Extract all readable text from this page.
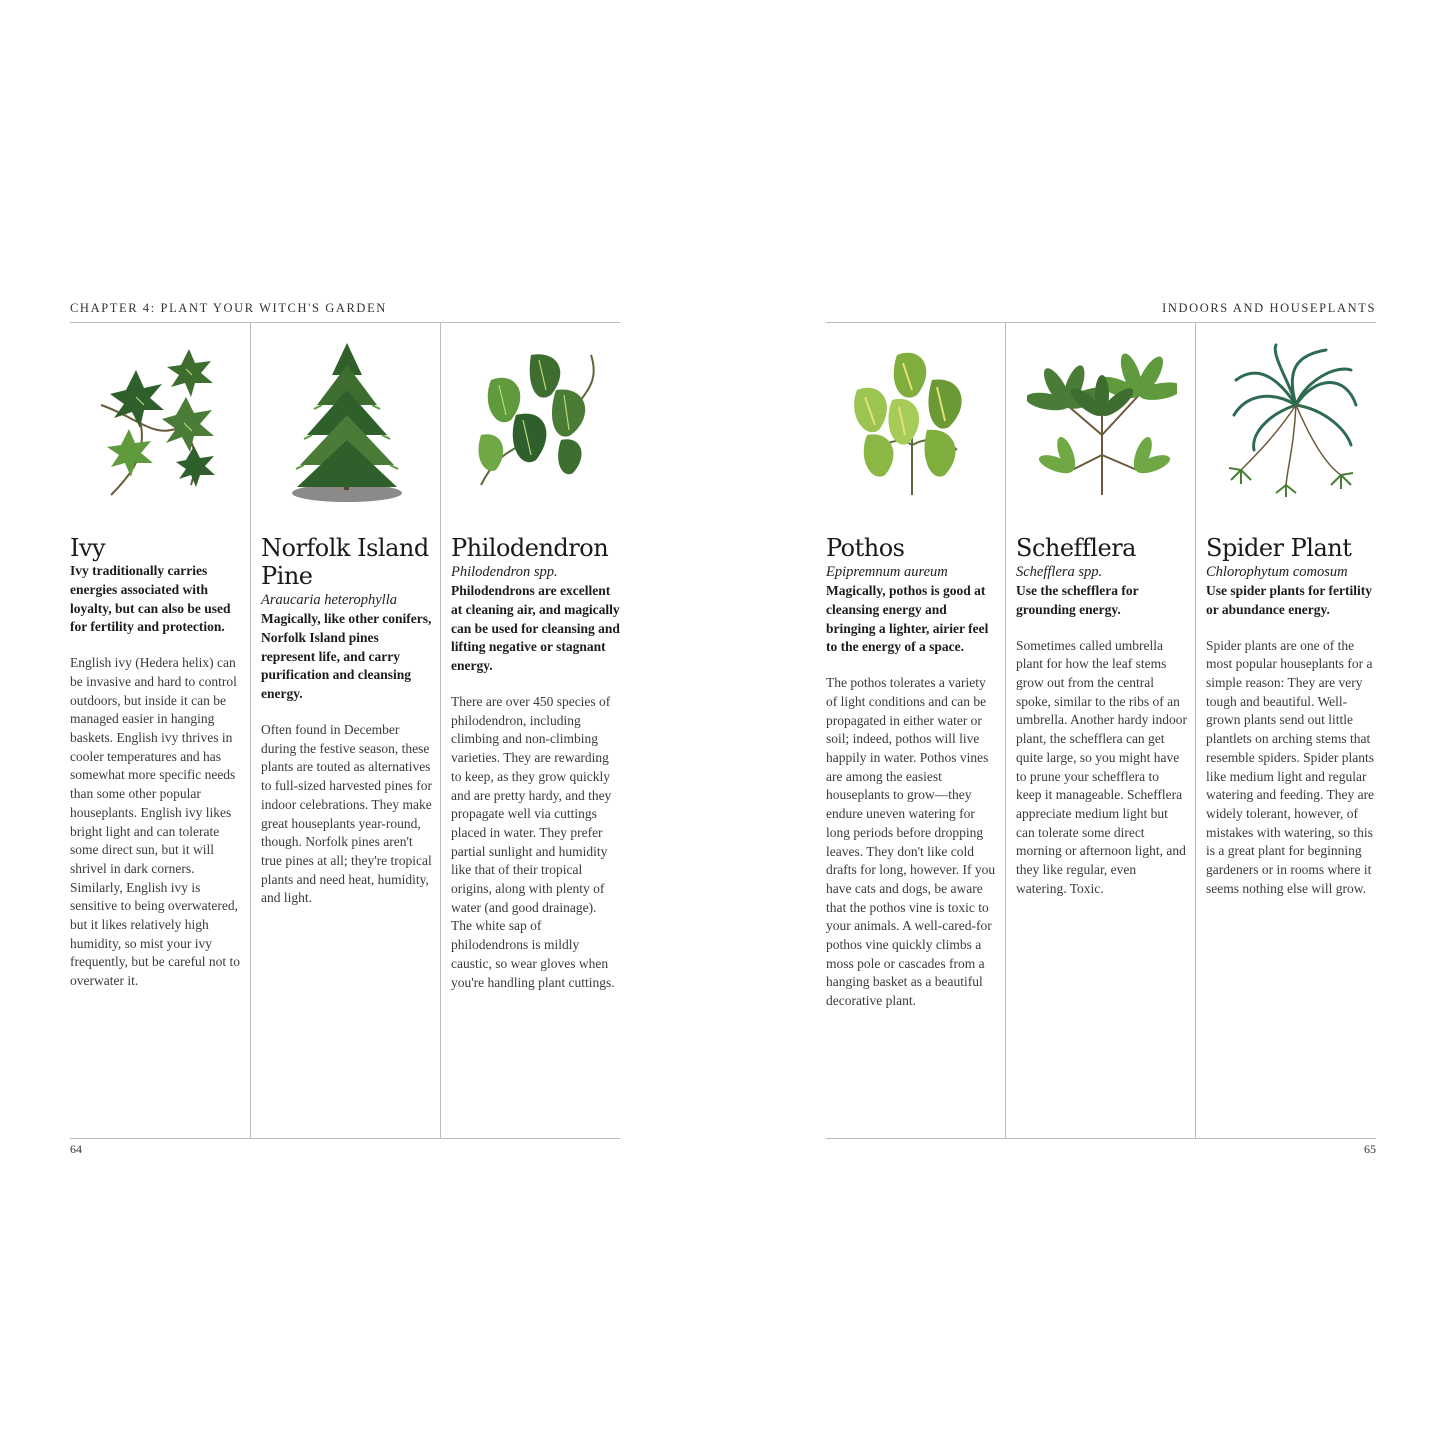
CHAPTER 4: PLANT YOUR WITCH'S GARDEN
Ivy
Ivy traditionally carries energies associated with loyalty, but can also be used for fertility and protection.
English ivy (Hedera helix) can be invasive and hard to control outdoors, but inside it can be managed easier in hanging baskets. English ivy thrives in cooler temperatures and has somewhat more specific needs than some other popular houseplants. English ivy likes bright light and can tolerate some direct sun, but it will shrivel in dark corners. Similarly, English ivy is sensitive to being overwatered, but it likes relatively high humidity, so mist your ivy frequently, but be careful not to overwater it.
Norfolk Island Pine
Araucaria heterophylla
Magically, like other conifers, Norfolk Island pines represent life, and carry purification and cleansing energy.
Often found in December during the festive season, these plants are touted as alternatives to full-sized harvested pines for indoor celebrations. They make great houseplants year-round, though. Norfolk pines aren't true pines at all; they're tropical plants and need heat, humidity, and light.
Philodendron
Philodendron spp.
Philodendrons are excellent at cleaning air, and magically can be used for cleansing and lifting negative or stagnant energy.
There are over 450 species of philodendron, including climbing and non-climbing varieties. They are rewarding to keep, as they grow quickly and are pretty hardy, and they propagate well via cuttings placed in water. They prefer partial sunlight and humidity like that of their tropical origins, along with plenty of water (and good drainage). The white sap of philodendrons is mildly caustic, so wear gloves when you're handling plant cuttings.
64
INDOORS AND HOUSEPLANTS
Pothos
Epipremnum aureum
Magically, pothos is good at cleansing energy and bringing a lighter, airier feel to the energy of a space.
The pothos tolerates a variety of light conditions and can be propagated in either water or soil; indeed, pothos will live happily in water. Pothos vines are among the easiest houseplants to grow—they endure uneven watering for long periods before dropping leaves. They don't like cold drafts for long, however. If you have cats and dogs, be aware that the pothos vine is toxic to your animals. A well-cared-for pothos vine quickly climbs a moss pole or cascades from a hanging basket as a beautiful decorative plant.
Schefflera
Schefflera spp.
Use the schefflera for grounding energy.
Sometimes called umbrella plant for how the leaf stems grow out from the central spoke, similar to the ribs of an umbrella. Another hardy indoor plant, the schefflera can get quite large, so you might have to prune your schefflera to keep it manageable. Schefflera appreciate medium light but can tolerate some direct morning or afternoon light, and they like regular, even watering. Toxic.
Spider Plant
Chlorophytum comosum
Use spider plants for fertility or abundance energy.
Spider plants are one of the most popular houseplants for a simple reason: They are very tough and beautiful. Well-grown plants send out little plantlets on arching stems that resemble spiders. Spider plants like medium light and regular watering and feeding. They are widely tolerant, however, of mistakes with watering, so this is a great plant for beginning gardeners or in rooms where it seems nothing else will grow.
65
